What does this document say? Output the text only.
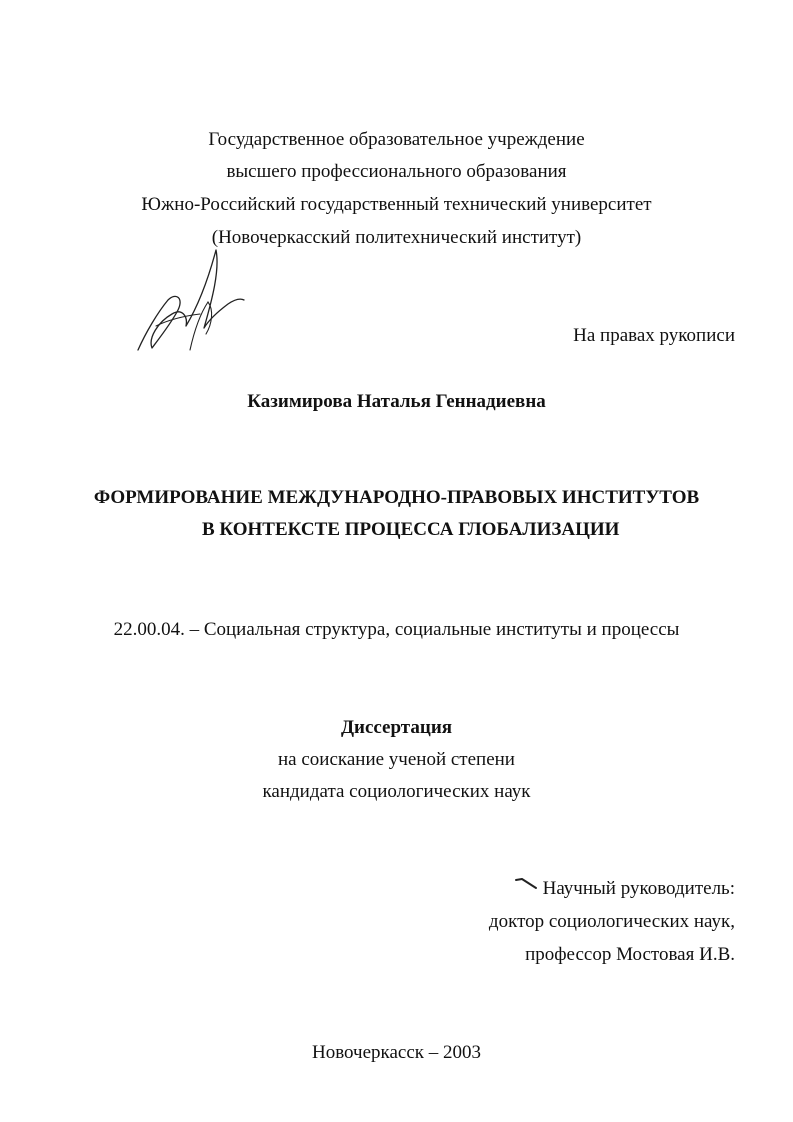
Государственное образовательное учреждение
высшего профессионального образования
Южно-Российский государственный технический университет
(Новочеркасский политехнический институт)
На правах рукописи
Казимирова Наталья Геннадиевна
ФОРМИРОВАНИЕ МЕЖДУНАРОДНО-ПРАВОВЫХ ИНСТИТУТОВ
В КОНТЕКСТЕ ПРОЦЕССА ГЛОБАЛИЗАЦИИ
22.00.04. – Социальная структура, социальные институты и процессы
Диссертация
на соискание ученой степени
кандидата социологических наук
Научный руководитель:
доктор социологических наук,
профессор Мостовая И.В.
Новочеркасск – 2003
